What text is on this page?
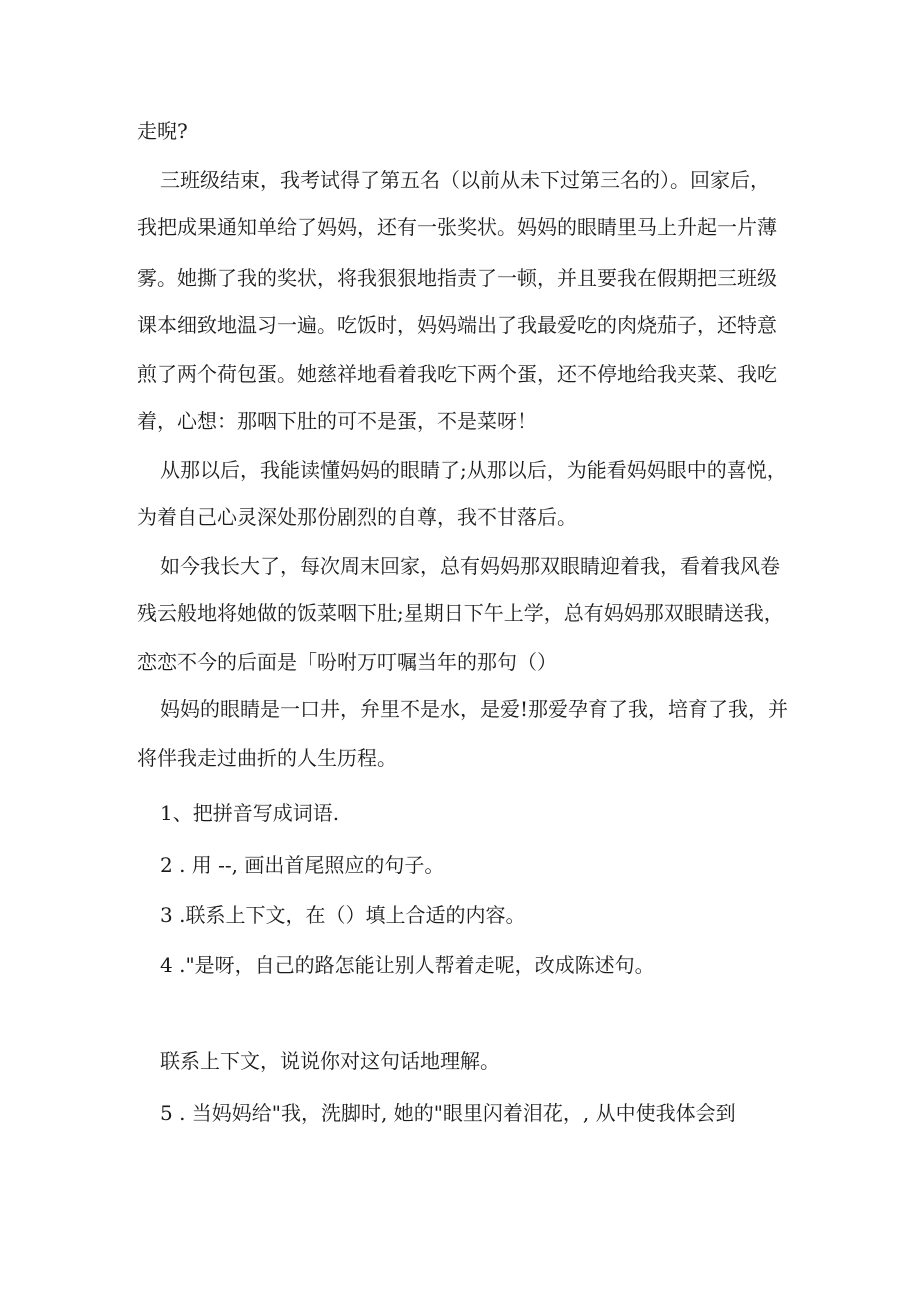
走晲?

三班级结束，我考试得了第五名（以前从未下过第三名的）。回家后，

我把成果通知单给了妈妈，还有一张奖状。妈妈的眼睛里马上升起一片薄

雾。她撕了我的奖状，将我狠狠地指责了一顿，并且要我在假期把三班级

课本细致地温习一遍。吃饭时，妈妈端出了我最爱吃的肉烧茄子，还特意

煎了两个荷包蛋。她慈祥地看着我吃下两个蛋，还不停地给我夹菜、我吃

着，心想：那咽下肚的可不是蛋，不是菜呀！

从那以后，我能读懂妈妈的眼睛了;从那以后，为能看妈妈眼中的喜悦，

为着自己心灵深处那份剧烈的自尊，我不甘落后。

如今我长大了，每次周末回家，总有妈妈那双眼睛迎着我，看着我风卷

残云般地将她做的饭菜咽下肚;星期日下午上学，总有妈妈那双眼睛送我，

恋恋不今的后面是「吩咐万叮嘱当年的那句（）

妈妈的眼睛是一口井，弁里不是水，是爱!那爱孕育了我，培育了我，并

将伴我走过曲折的人生历程。

1、把拼音写成词语.

2 . 用 --, 画出首尾照应的句子。

3 .联系上下文，在（）填上合适的内容。

4 ."是呀，自己的路怎能让别人帮着走呢，改成陈述句。

联系上下文，说说你对这句话地理解。

5 . 当妈妈给"我，洗脚时, 她的"眼里闪着泪花，, 从中使我体会到
